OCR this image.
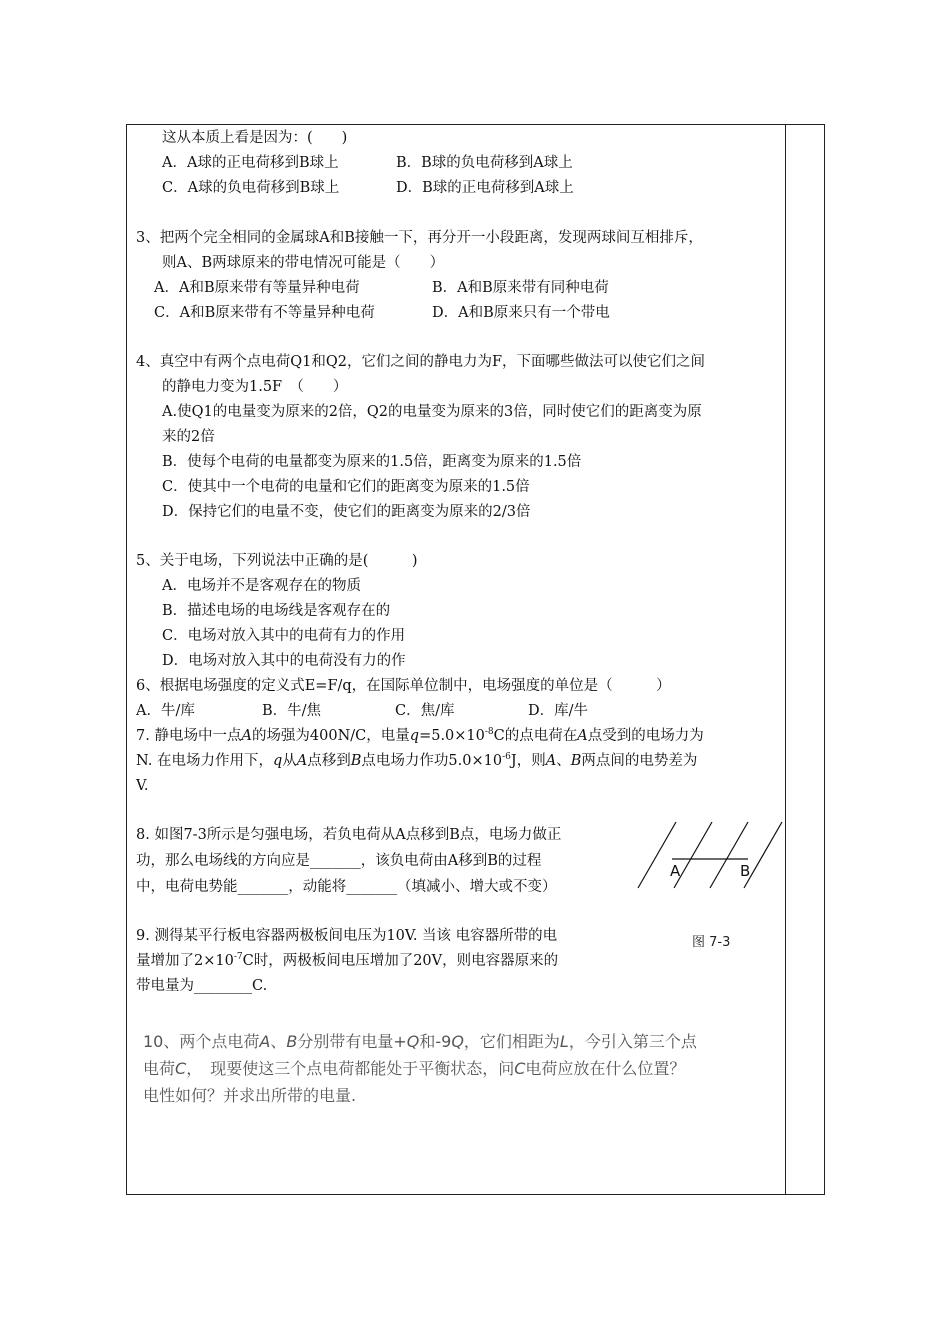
这从本质上看是因为：(　　)
A．A球的正电荷移到B球上	B．B球的负电荷移到A球上
C．A球的负电荷移到B球上	D．B球的正电荷移到A球上
3、把两个完全相同的金属球A和B接触一下，再分开一小段距离，发现两球间互相排斥，
则A、B两球原来的带电情况可能是（　　）
A．A和B原来带有等量异种电荷	B．A和B原来带有同种电荷
C．A和B原来带有不等量异种电荷	D．A和B原来只有一个带电
4、真空中有两个点电荷Q1和Q2，它们之间的静电力为F，下面哪些做法可以使它们之间
的静电力变为1.5F　（　　）
A.使Q1的电量变为原来的2倍，Q2的电量变为原来的3倍，同时使它们的距离变为原
来的2倍
B．使每个电荷的电量都变为原来的1.5倍，距离变为原来的1.5倍
C．使其中一个电荷的电量和它们的距离变为原来的1.5倍
D．保持它们的电量不变，使它们的距离变为原来的2/3倍
5、关于电场，下列说法中正确的是(　　　)
A．电场并不是客观存在的物质
B．描述电场的电场线是客观存在的
C．电场对放入其中的电荷有力的作用
D．电场对放入其中的电荷没有力的作
6、根据电场强度的定义式E=F/q，在国际单位制中，电场强度的单位是（　　　）
A．牛/库	B．牛/焦	C．焦/库	D．库/牛
7. 静电场中一点A的场强为400N/C，电量$q=5.0\times 10^{-8}C$的点电荷在A点受到的电场力为
N. 在电场力作用下，q从A点移到B点电场力作功$5.0\times 10^{-6}J$，则A、B两点间的电势差为
V.
8. 如图7-3所示是匀强电场，若负电荷从A点移到B点，电场力做正
功，那么电场线的方向应是_______，该负电荷由A移到B的过程
中，电荷电势能_______，动能将_______（填减小、增大或不变）
A	B
图 7-3
9. 测得某平行板电容器两极板间电压为10V. 当该 电容器所带的电
量增加了$2\times 10^{-7}C$时，两极板间电压增加了20V，则电容器原来的
带电量为________C.
10、两个点电荷A、B分别带有电量+Q和-9Q，它们相距为L，今引入第三个点
电荷C，　现要使这三个点电荷都能处于平衡状态，问C电荷应放在什么位置？
电性如何？并求出所带的电量.
